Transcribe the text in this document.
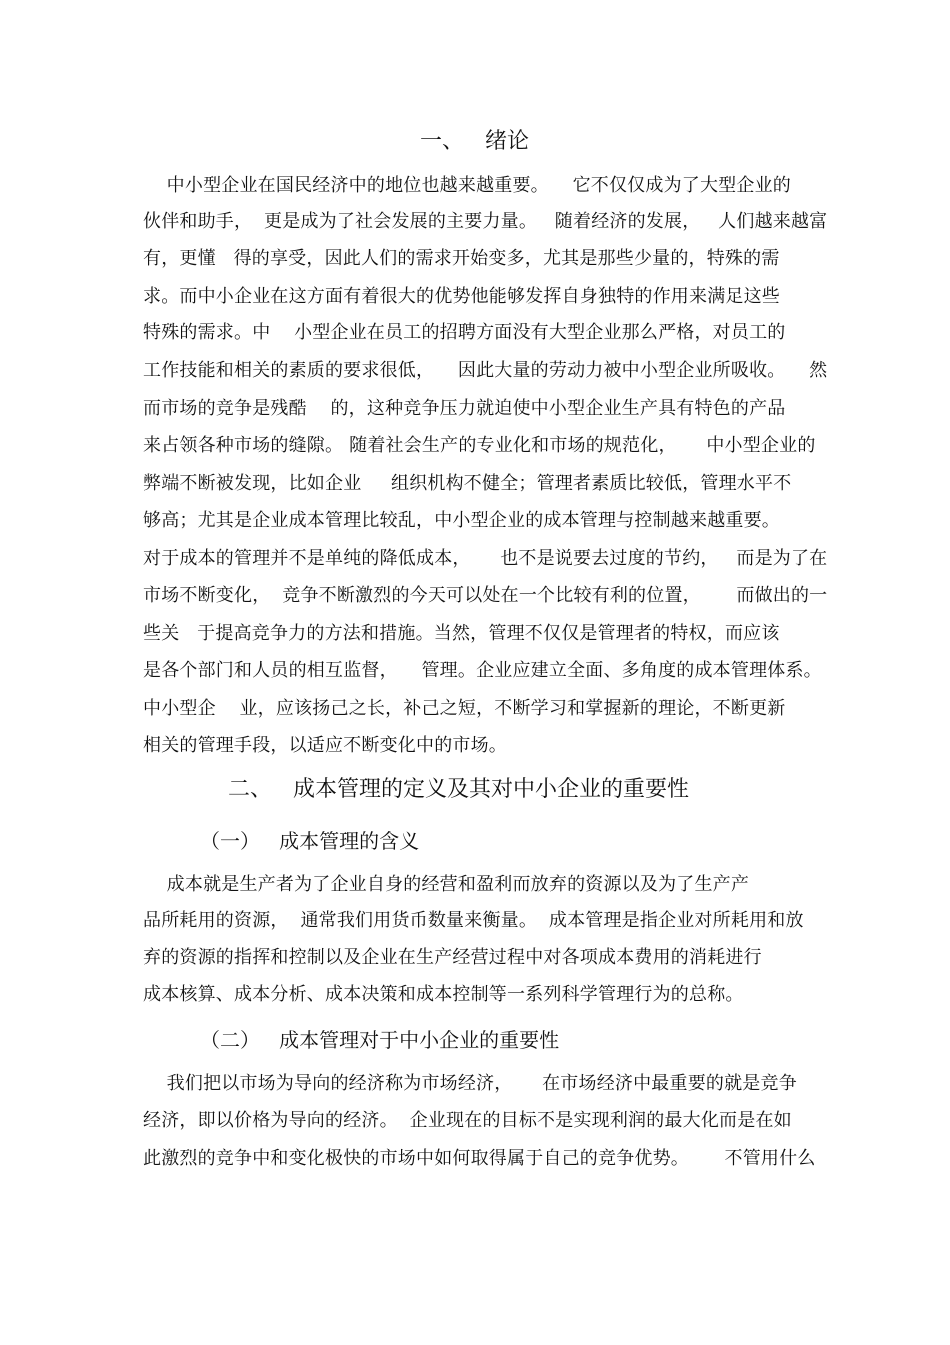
一、   绪论
中小型企业在国民经济中的地位也越来越重要。    它不仅仅成为了大型企业的
伙伴和助手，  更是成为了社会发展的主要力量。   随着经济的发展，   人们越来越富
有，更懂   得的享受，因此人们的需求开始变多，尤其是那些少量的，特殊的需
求。而中小企业在这方面有着很大的优势他能够发挥自身独特的作用来满足这些
特殊的需求。中    小型企业在员工的招聘方面没有大型企业那么严格，对员工的
工作技能和相关的素质的要求很低，    因此大量的劳动力被中小型企业所吸收。    然
而市场的竞争是残酷    的，这种竞争压力就迫使中小型企业生产具有特色的产品
来占领各种市场的缝隙。 随着社会生产的专业化和市场的规范化，     中小型企业的
弊端不断被发现，比如企业     组织机构不健全；管理者素质比较低，管理水平不
够高；尤其是企业成本管理比较乱，中小型企业的成本管理与控制越来越重要。
对于成本的管理并不是单纯的降低成本，     也不是说要去过度的节约，   而是为了在
市场不断变化，  竞争不断激烈的今天可以处在一个比较有利的位置，      而做出的一
些关   于提高竞争力的方法和措施。当然，管理不仅仅是管理者的特权，而应该
是各个部门和人员的相互监督，    管理。企业应建立全面、多角度的成本管理体系。
中小型企    业，应该扬己之长，补己之短，不断学习和掌握新的理论，不断更新
相关的管理手段，以适应不断变化中的市场。
二、   成本管理的定义及其对中小企业的重要性
（一）   成本管理的含义
成本就是生产者为了企业自身的经营和盈利而放弃的资源以及为了生产产
品所耗用的资源，  通常我们用货币数量来衡量。  成本管理是指企业对所耗用和放
弃的资源的指挥和控制以及企业在生产经营过程中对各项成本费用的消耗进行
成本核算、成本分析、成本决策和成本控制等一系列科学管理行为的总称。
（二）   成本管理对于中小企业的重要性
我们把以市场为导向的经济称为市场经济，     在市场经济中最重要的就是竞争
经济，即以价格为导向的经济。  企业现在的目标不是实现利润的最大化而是在如
此激烈的竞争中和变化极快的市场中如何取得属于自己的竞争优势。      不管用什么
